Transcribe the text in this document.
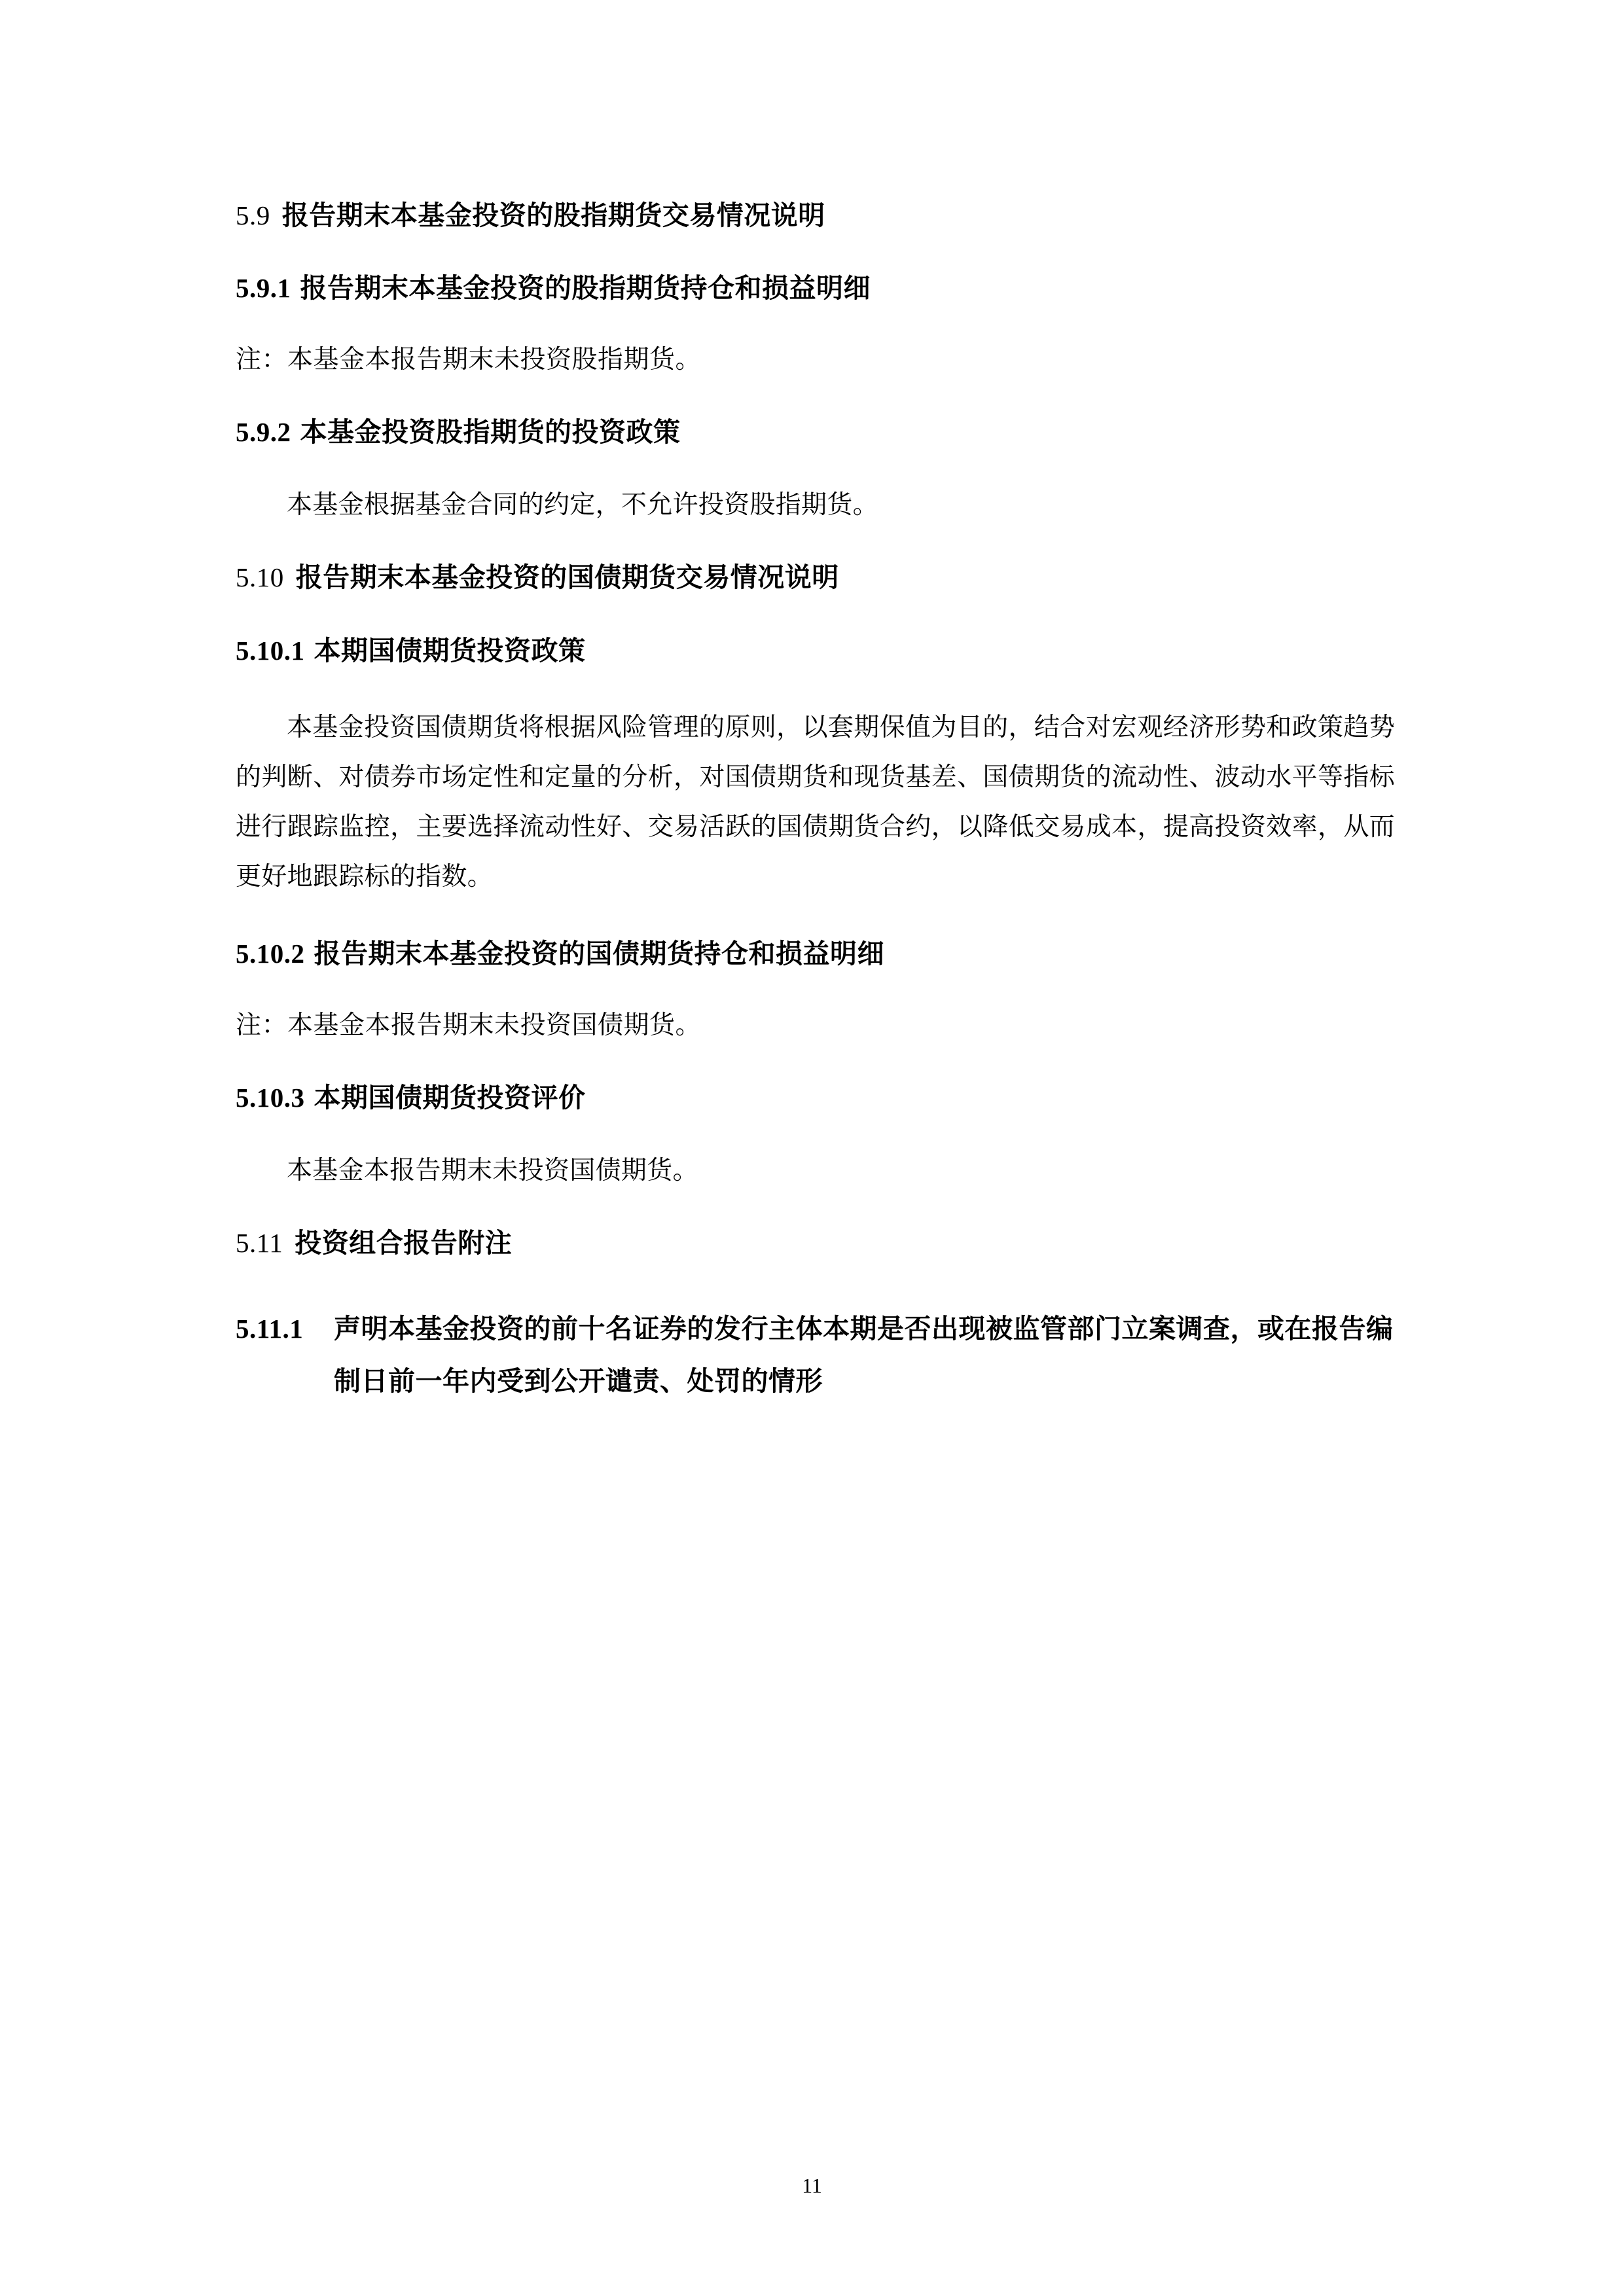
5.9 报告期末本基金投资的股指期货交易情况说明
5.9.1 报告期末本基金投资的股指期货持仓和损益明细

注：本基金本报告期末未投资股指期货。

5.9.2 本基金投资股指期货的投资政策

本基金根据基金合同的约定，不允许投资股指期货。

5.10 报告期末本基金投资的国债期货交易情况说明
5.10.1 本期国债期货投资政策

本基金投资国债期货将根据风险管理的原则，以套期保值为目的，结合对宏观经济形势和政策趋势的判断、对债券市场定性和定量的分析，对国债期货和现货基差、国债期货的流动性、波动水平等指标进行跟踪监控，主要选择流动性好、交易活跃的国债期货合约，以降低交易成本，提高投资效率，从而更好地跟踪标的指数。

5.10.2 报告期末本基金投资的国债期货持仓和损益明细

注：本基金本报告期末未投资国债期货。

5.10.3 本期国债期货投资评价

本基金本报告期末未投资国债期货。

5.11 投资组合报告附注
5.11.1 声明本基金投资的前十名证券的发行主体本期是否出现被监管部门立案调查，或在报告编制日前一年内受到公开谴责、处罚的情形
11
